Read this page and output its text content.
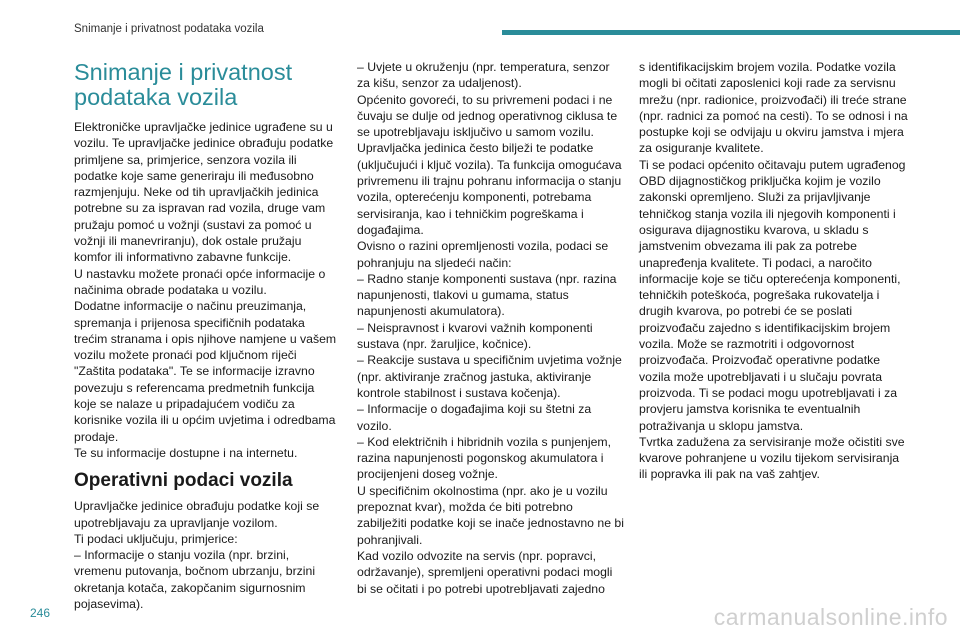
Snimanje i privatnost podataka vozila
Snimanje i privatnost podataka vozila

Elektroničke upravljačke jedinice ugrađene su u vozilu. Te upravljačke jedinice obrađuju podatke primljene sa, primjerice, senzora vozila ili podatke koje same generiraju ili međusobno razmjenjuju. Neke od tih upravljačkih jedinica potrebne su za ispravan rad vozila, druge vam pružaju pomoć u vožnji (sustavi za pomoć u vožnji ili manevriranju), dok ostale pružaju komfor ili informativno zabavne funkcije.

U nastavku možete pronaći opće informacije o načinima obrade podataka u vozilu.

Dodatne informacije o načinu preuzimanja, spremanja i prijenosa specifičnih podataka trećim stranama i opis njihove namjene u vašem vozilu možete pronaći pod ključnom riječi "Zaštita podataka". Te se informacije izravno povezuju s referencama predmetnih funkcija koje se nalaze u pripadajućem vodiču za korisnike vozila ili u općim uvjetima i odredbama prodaje.

Te su informacije dostupne i na internetu.

Operativni podaci vozila

Upravljačke jedinice obrađuju podatke koji se upotrebljavaju za upravljanje vozilom.

Ti podaci uključuju, primjerice:

– Informacije o stanju vozila (npr. brzini, vremenu putovanja, bočnom ubrzanju, brzini okretanja kotača, zakopčanim sigurnosnim pojasevima).

– Uvjete u okruženju (npr. temperatura, senzor za kišu, senzor za udaljenost).

Općenito govoreći, to su privremeni podaci i ne čuvaju se dulje od jednog operativnog ciklusa te se upotrebljavaju isključivo u samom vozilu.

Upravljačka jedinica često bilježi te podatke (uključujući i ključ vozila). Ta funkcija omogućava privremenu ili trajnu pohranu informacija o stanju vozila, opterećenju komponenti, potrebama servisiranja, kao i tehničkim pogreškama i događajima.

Ovisno o razini opremljenosti vozila, podaci se pohranjuju na sljedeći način:

– Radno stanje komponenti sustava (npr. razina napunjenosti, tlakovi u gumama, status napunjenosti akumulatora).

– Neispravnost i kvarovi važnih komponenti sustava (npr. žaruljice, kočnice).

– Reakcije sustava u specifičnim uvjetima vožnje (npr. aktiviranje zračnog jastuka, aktiviranje kontrole stabilnost i sustava kočenja).

– Informacije o događajima koji su štetni za vozilo.

– Kod električnih i hibridnih vozila s punjenjem, razina napunjenosti pogonskog akumulatora i procijenjeni doseg vožnje.

U specifičnim okolnostima (npr. ako je u vozilu prepoznat kvar), možda će biti potrebno zabilježiti podatke koji se inače jednostavno ne bi pohranjivali.

Kad vozilo odvozite na servis (npr. popravci, održavanje), spremljeni operativni podaci mogli bi se očitati i po potrebi upotrebljavati zajedno

s identifikacijskim brojem vozila. Podatke vozila mogli bi očitati zaposlenici koji rade za servisnu mrežu (npr. radionice, proizvođači) ili treće strane (npr. radnici za pomoć na cesti). To se odnosi i na postupke koji se odvijaju u okviru jamstva i mjera za osiguranje kvalitete.

Ti se podaci općenito očitavaju putem ugrađenog OBD dijagnostičkog priključka kojim je vozilo zakonski opremljeno. Služi za prijavljivanje tehničkog stanja vozila ili njegovih komponenti i osigurava dijagnostiku kvarova, u skladu s jamstvenim obvezama ili pak za potrebe unapređenja kvalitete. Ti podaci, a naročito informacije koje se tiču opterećenja komponenti, tehničkih poteškoća, pogrešaka rukovatelja i drugih kvarova, po potrebi će se poslati proizvođaču zajedno s identifikacijskim brojem vozila. Može se razmotriti i odgovornost proizvođača. Proizvođač operativne podatke vozila može upotrebljavati i u slučaju povrata proizvoda. Ti se podaci mogu upotrebljavati i za provjeru jamstva korisnika te eventualnih potraživanja u sklopu jamstva.

Tvrtka zadužena za servisiranje može očistiti sve kvarove pohranjene u vozilu tijekom servisiranja ili popravka ili pak na vaš zahtjev.

246	carmanualsonline.info
